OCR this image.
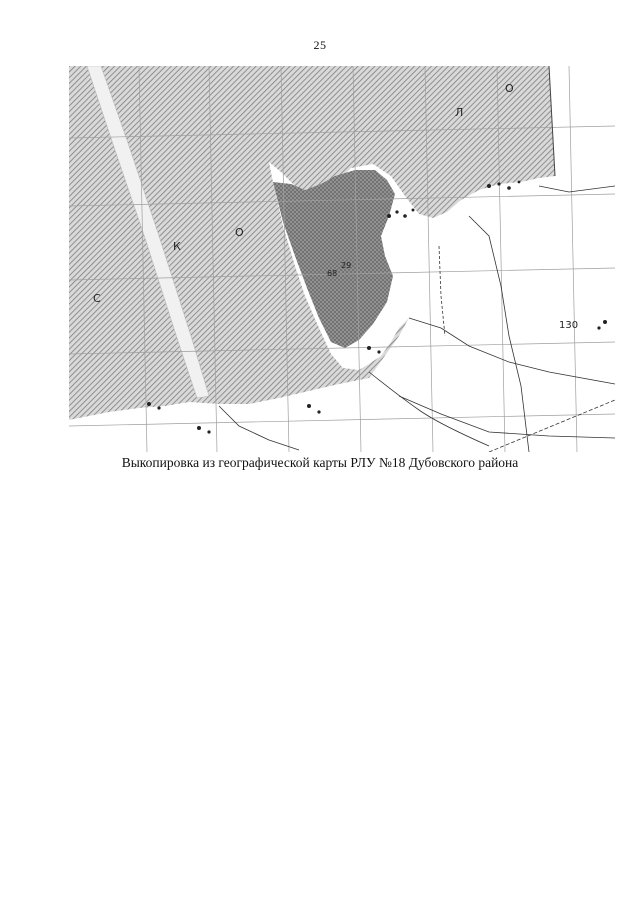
25
130
29
68
С
К
О
Л
О
Выкопировка из географической карты РЛУ №18 Дубовского района
